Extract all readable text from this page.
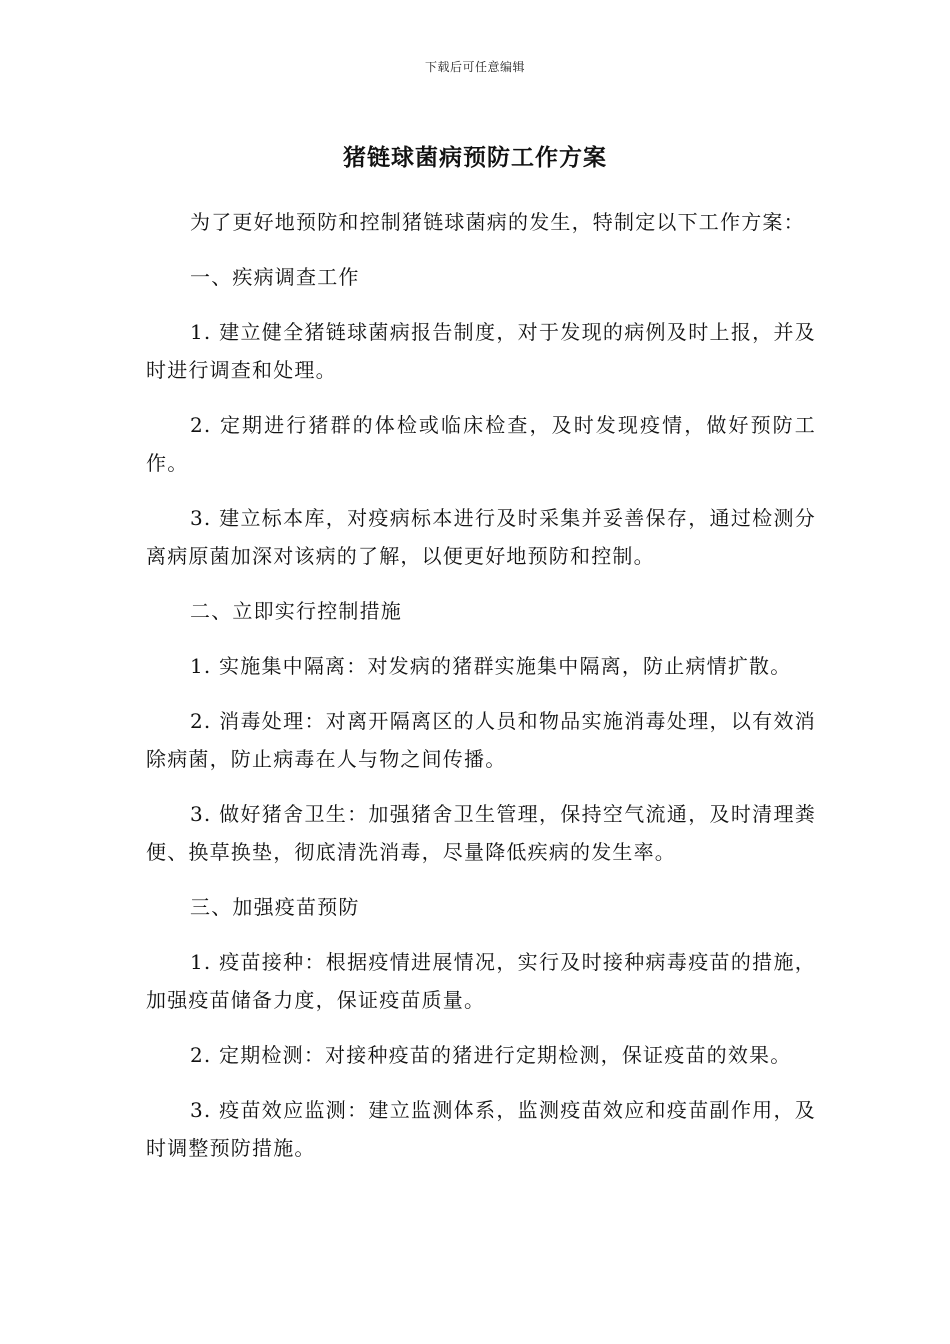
下载后可任意编辑
猪链球菌病预防工作方案

为了更好地预防和控制猪链球菌病的发生，特制定以下工作方案：

一、疾病调查工作

1. 建立健全猪链球菌病报告制度，对于发现的病例及时上报，并及时进行调查和处理。

2. 定期进行猪群的体检或临床检查，及时发现疫情，做好预防工作。

3. 建立标本库，对疫病标本进行及时采集并妥善保存，通过检测分离病原菌加深对该病的了解，以便更好地预防和控制。

二、立即实行控制措施

1. 实施集中隔离：对发病的猪群实施集中隔离，防止病情扩散。

2. 消毒处理：对离开隔离区的人员和物品实施消毒处理，以有效消除病菌，防止病毒在人与物之间传播。

3. 做好猪舍卫生：加强猪舍卫生管理，保持空气流通，及时清理粪便、换草换垫，彻底清洗消毒，尽量降低疾病的发生率。

三、加强疫苗预防

1. 疫苗接种：根据疫情进展情况，实行及时接种病毒疫苗的措施，加强疫苗储备力度，保证疫苗质量。

2. 定期检测：对接种疫苗的猪进行定期检测，保证疫苗的效果。

3. 疫苗效应监测：建立监测体系，监测疫苗效应和疫苗副作用，及时调整预防措施。
